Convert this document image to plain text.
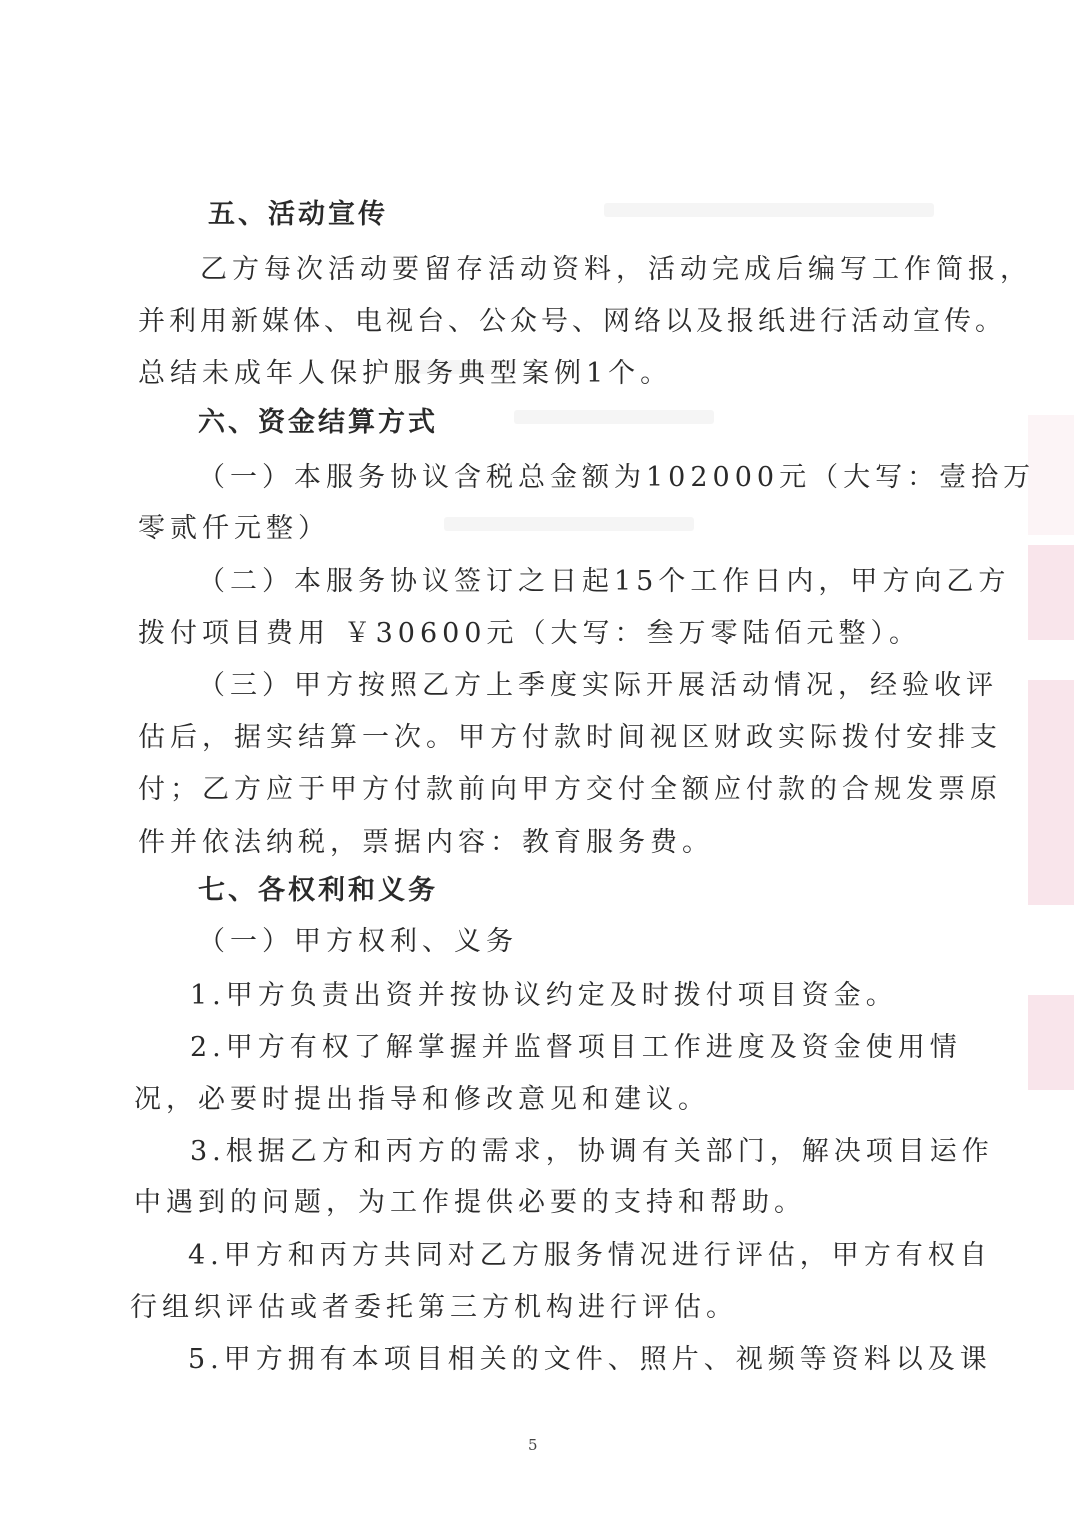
五、活动宣传
乙方每次活动要留存活动资料，活动完成后编写工作简报，
并利用新媒体、电视台、公众号、网络以及报纸进行活动宣传。
总结未成年人保护服务典型案例1个。
六、资金结算方式
（一）本服务协议含税总金额为102000元（大写：壹拾万
零贰仟元整）
（二）本服务协议签订之日起15个工作日内，甲方向乙方
拨付项目费用 ￥30600元（大写：叁万零陆佰元整）。
（三）甲方按照乙方上季度实际开展活动情况，经验收评
估后，据实结算一次。甲方付款时间视区财政实际拨付安排支
付；乙方应于甲方付款前向甲方交付全额应付款的合规发票原
件并依法纳税，票据内容：教育服务费。
七、各权利和义务
（一）甲方权利、义务
1.甲方负责出资并按协议约定及时拨付项目资金。
2.甲方有权了解掌握并监督项目工作进度及资金使用情
况，必要时提出指导和修改意见和建议。
3.根据乙方和丙方的需求，协调有关部门，解决项目运作
中遇到的问题，为工作提供必要的支持和帮助。
4.甲方和丙方共同对乙方服务情况进行评估，甲方有权自
行组织评估或者委托第三方机构进行评估。
5.甲方拥有本项目相关的文件、照片、视频等资料以及课
5
